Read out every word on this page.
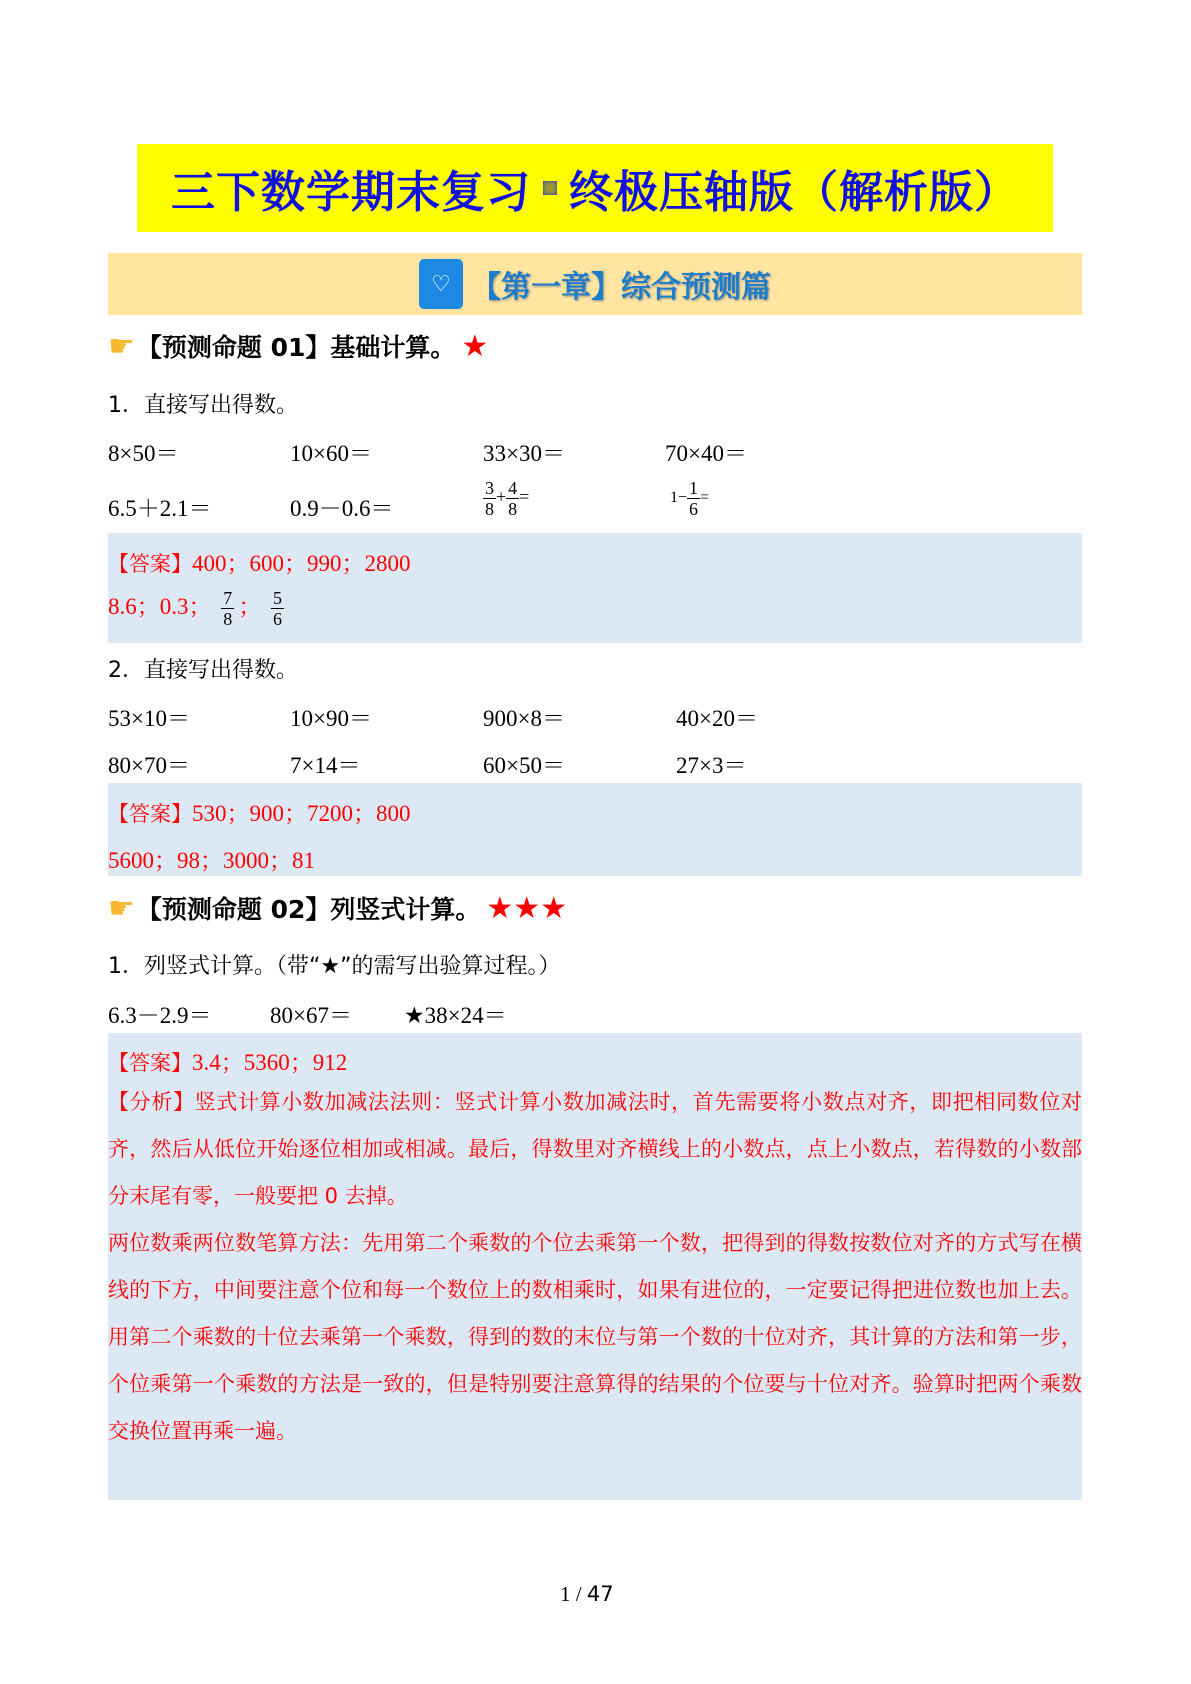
三下数学期末复习 终极压轴版（解析版）
♡ 【第一章】综合预测篇
☛ 【预测命题 01】基础计算。 ★
1．直接写出得数。
8×50＝	10×60＝	33×30＝	70×40＝
6.5＋2.1＝	0.9－0.6＝	$\frac{3}{8} + \frac{4}{8}$ =	$1- \frac{1}{6}$ =
【答案】400；600；990；2800
8.6；0.3； $\frac{7}{8}$ ； $\frac{5}{6}$
2．直接写出得数。
53×10＝	10×90＝	900×8＝	40×20＝
80×70＝	7×14＝	60×50＝	27×3＝
【答案】530；900；7200；800
5600；98；3000；81
☛ 【预测命题 02】列竖式计算。 ★★★
1．列竖式计算。（带“★”的需写出验算过程。）
6.3－2.9＝	80×67＝ ★38×24＝
【答案】3.4；5360；912
【分析】竖式计算小数加减法法则：竖式计算小数加减法时，首先需要将小数点对齐，即把相同数位对齐，然后从低位开始逐位相加或相减。最后，得数里对齐横线上的小数点，点上小数点，若得数的小数部分末尾有零，一般要把 0 去掉。
两位数乘两位数笔算方法：先用第二个乘数的个位去乘第一个数，把得到的得数按数位对齐的方式写在横线的下方，中间要注意个位和每一个数位上的数相乘时，如果有进位的，一定要记得把进位数也加上去。用第二个乘数的十位去乘第一个乘数，得到的数的末位与第一个数的十位对齐，其计算的方法和第一步，个位乘第一个乘数的方法是一致的，但是特别要注意算得的结果的个位要与十位对齐。验算时把两个乘数交换位置再乘一遍。
1 / 47
